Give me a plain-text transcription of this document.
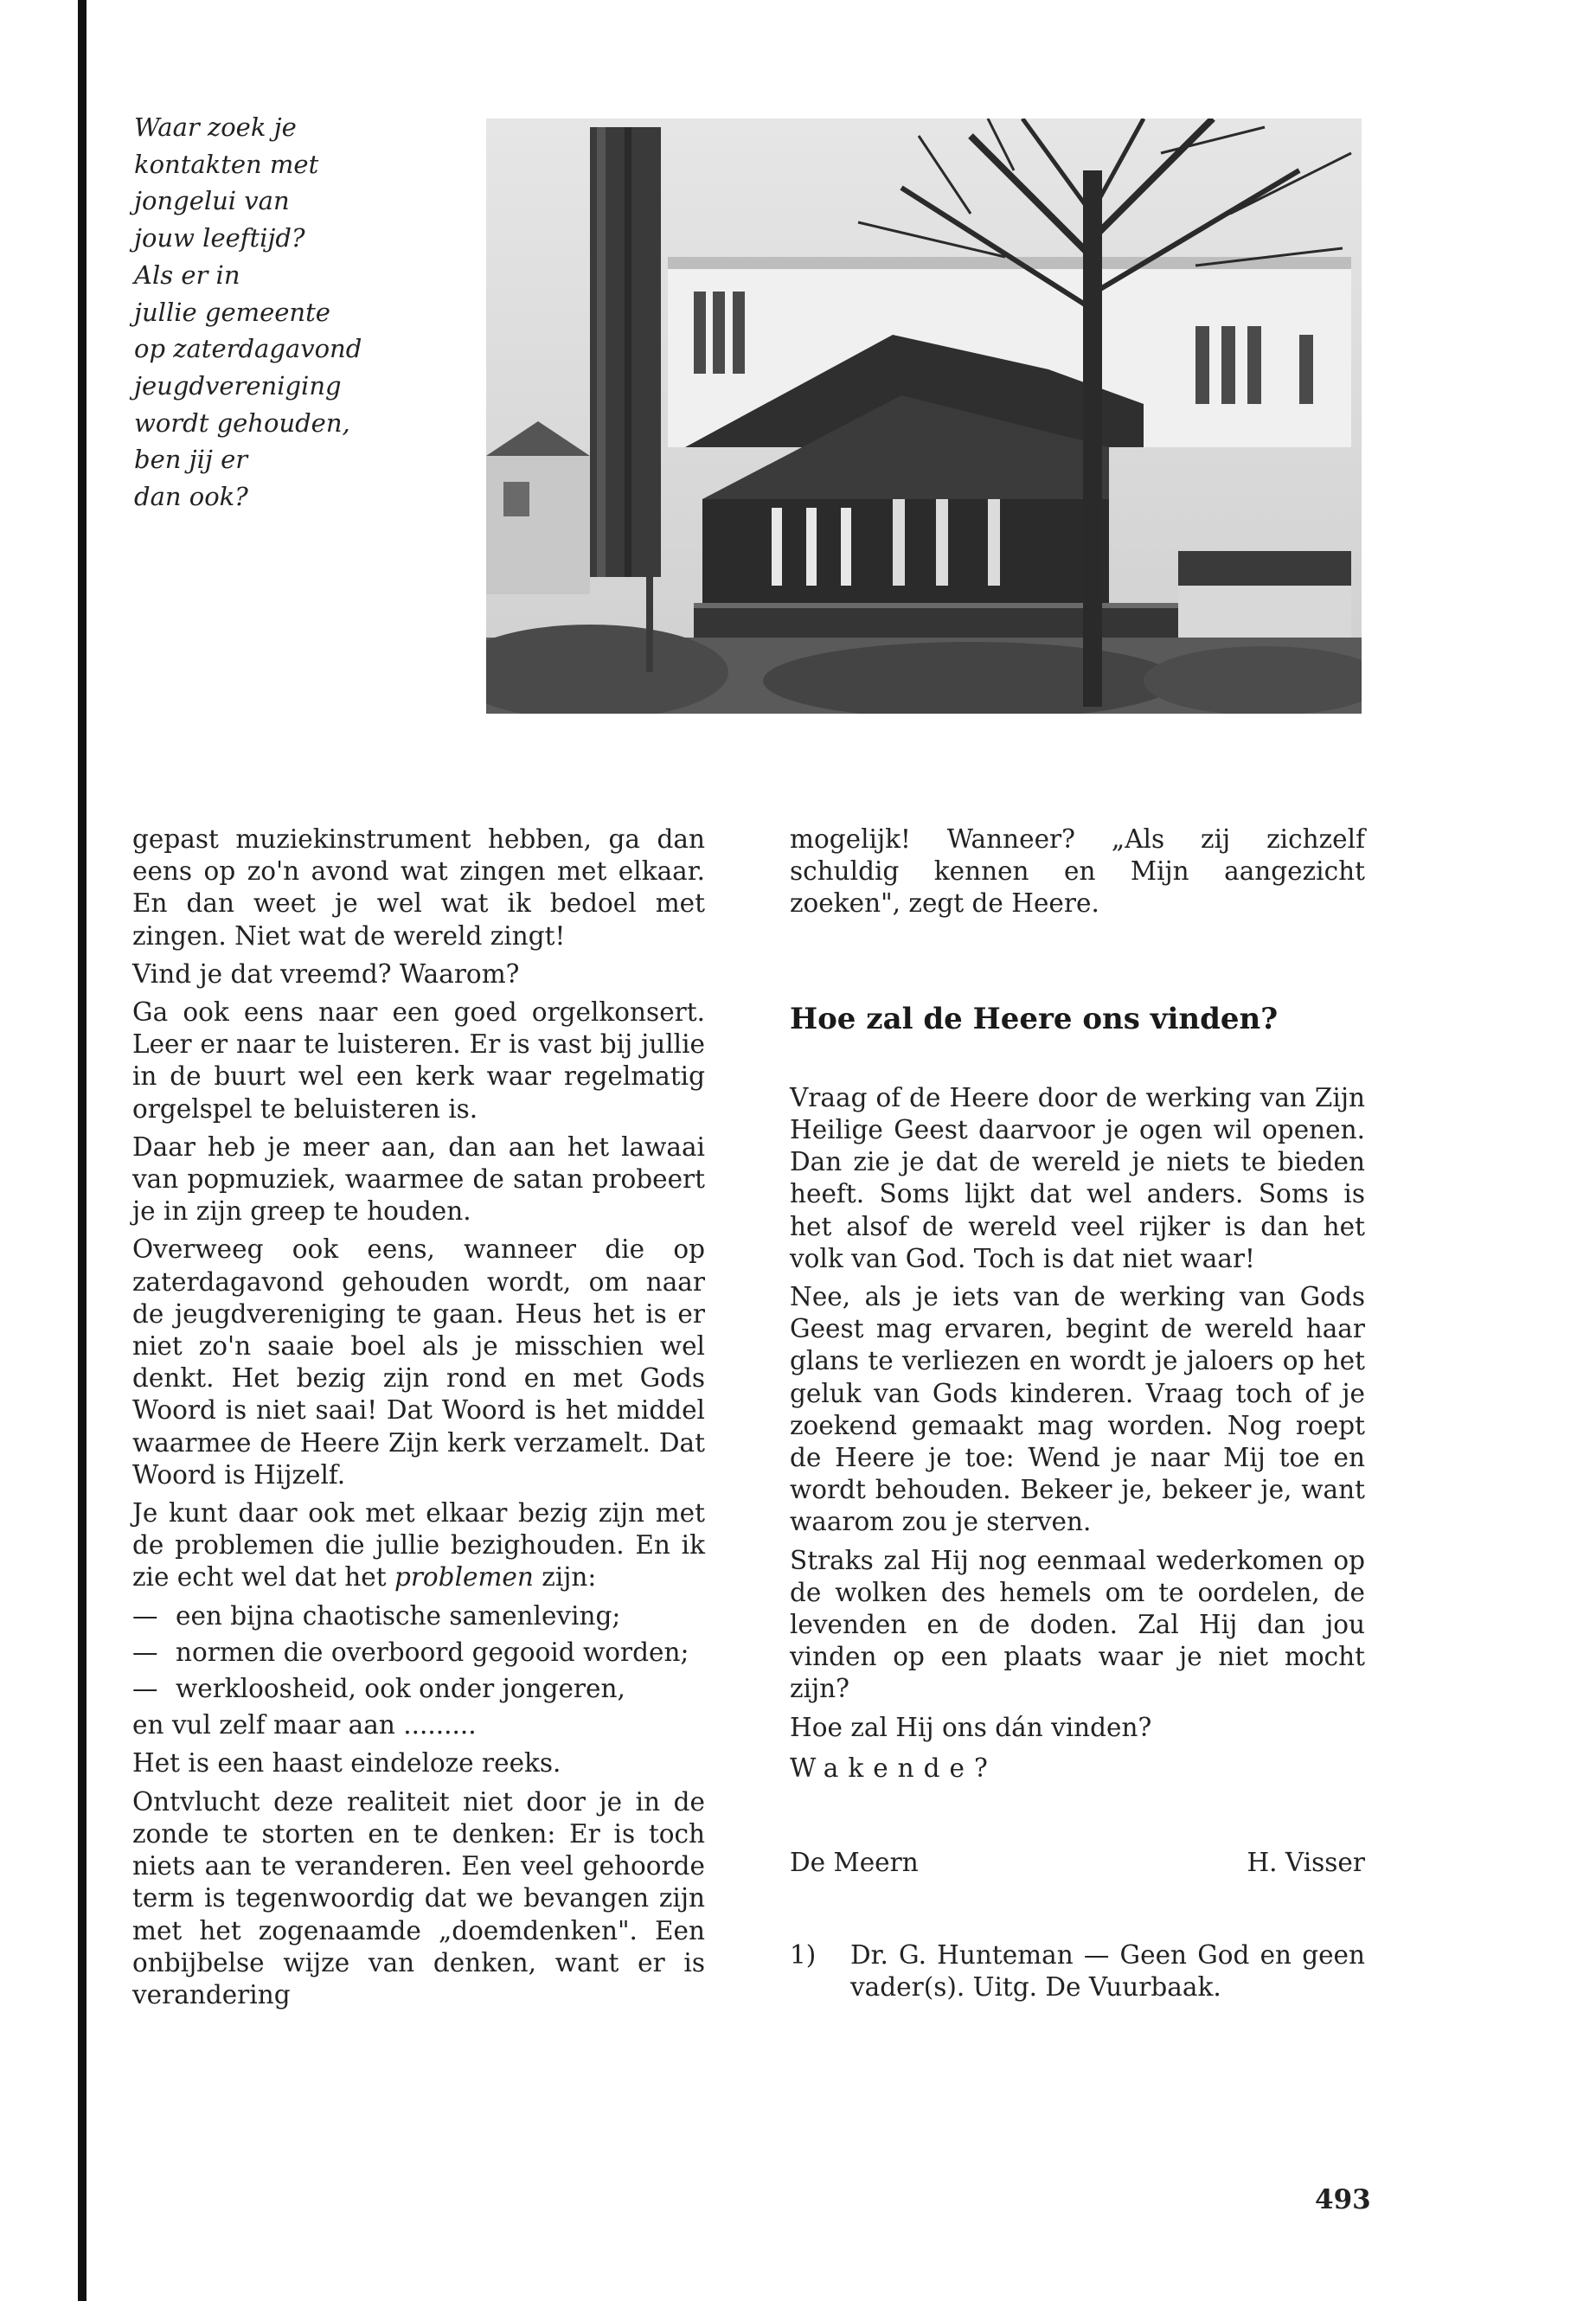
Waar zoek je
kontakten met
jongelui van
jouw leeftijd?
Als er in
jullie gemeente
op zaterdagavond
jeugdvereniging
wordt gehouden,
ben jij er
dan ook?

gepast muziekinstrument hebben, ga dan eens op zo'n avond wat zingen met elkaar. En dan weet je wel wat ik bedoel met zingen. Niet wat de wereld zingt!

Vind je dat vreemd? Waarom?

Ga ook eens naar een goed orgelkonsert. Leer er naar te luisteren. Er is vast bij jullie in de buurt wel een kerk waar regelmatig orgelspel te beluisteren is.

Daar heb je meer aan, dan aan het lawaai van popmuziek, waarmee de satan probeert je in zijn greep te houden.

Overweeg ook eens, wanneer die op zaterdagavond gehouden wordt, om naar de jeugdvereniging te gaan. Heus het is er niet zo'n saaie boel als je misschien wel denkt. Het bezig zijn rond en met Gods Woord is niet saai! Dat Woord is het middel waarmee de Heere Zijn kerk verzamelt. Dat Woord is Hijzelf.

Je kunt daar ook met elkaar bezig zijn met de problemen die jullie bezighouden. En ik zie echt wel dat het problemen zijn:

— een bijna chaotische samenleving;
— normen die overboord gegooid worden;
— werkloosheid, ook onder jongeren,

en vul zelf maar aan .........

Het is een haast eindeloze reeks.

Ontvlucht deze realiteit niet door je in de zonde te storten en te denken: Er is toch niets aan te veranderen. Een veel gehoorde term is tegenwoordig dat we bevangen zijn met het zogenaamde „doemdenken". Een onbijbelse wijze van denken, want er is verandering

mogelijk! Wanneer? „Als zij zichzelf schuldig kennen en Mijn aangezicht zoeken", zegt de Heere.

Hoe zal de Heere ons vinden?

Vraag of de Heere door de werking van Zijn Heilige Geest daarvoor je ogen wil openen. Dan zie je dat de wereld je niets te bieden heeft. Soms lijkt dat wel anders. Soms is het alsof de wereld veel rijker is dan het volk van God. Toch is dat niet waar!

Nee, als je iets van de werking van Gods Geest mag ervaren, begint de wereld haar glans te verliezen en wordt je jaloers op het geluk van Gods kinderen. Vraag toch of je zoekend gemaakt mag worden. Nog roept de Heere je toe: Wend je naar Mij toe en wordt behouden. Bekeer je, bekeer je, want waarom zou je sterven.

Straks zal Hij nog eenmaal wederkomen op de wolken des hemels om te oordelen, de levenden en de doden. Zal Hij dan jou vinden op een plaats waar je niet mocht zijn?

Hoe zal Hij ons dán vinden?

Wakende?

De Meern	H. Visser
1)	Dr. G. Hunteman — Geen God en geen vader(s). Uitg. De Vuurbaak.
493
